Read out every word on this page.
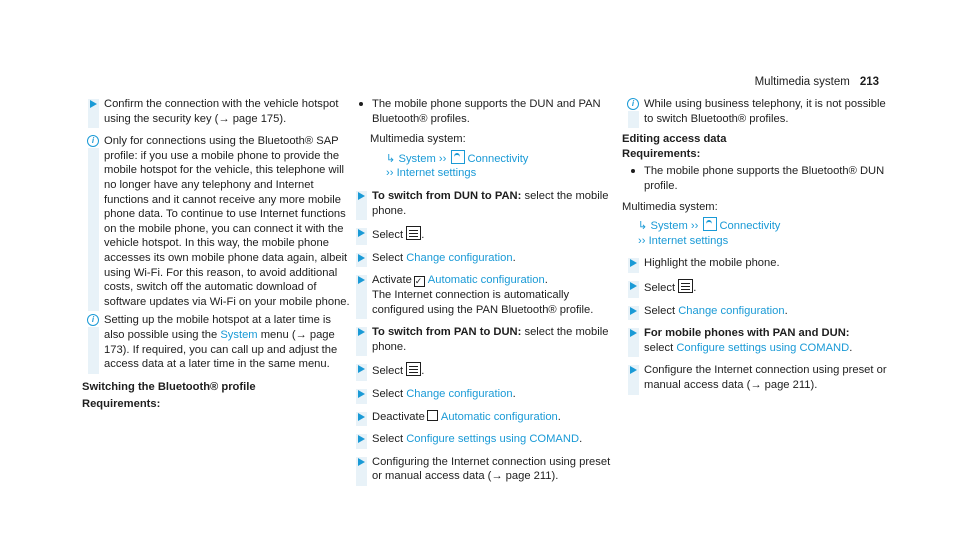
Multimedia system 213
Confirm the connection with the vehicle hotspot using the security key (→ page 175).
i Only for connections using the Bluetooth® SAP profile: if you use a mobile phone to provide the mobile hotspot for the vehicle, this telephone will no longer have any telephony and Internet functions and it cannot receive any more mobile phone data. To continue to use Internet functions on the mobile phone, you can connect it with the vehicle hotspot. In this way, the mobile phone accesses its own mobile phone data again, albeit using Wi-Fi. For this reason, to avoid additional costs, switch off the automatic download of software updates via Wi-Fi on your mobile phone.
i Setting up the mobile hotspot at a later time is also possible using the System menu (→ page 173). If required, you can call up and adjust the access data at a later time in the same menu.
Switching the Bluetooth® profile
Requirements:
The mobile phone supports the DUN and PAN Bluetooth® profiles.
Multimedia system:
↳ System ›› Connectivity
›› Internet settings
To switch from DUN to PAN: select the mobile phone.
Select .
Select Change configuration.
Activate ✓ Automatic configuration.
The Internet connection is automatically configured using the PAN Bluetooth® profile.
To switch from PAN to DUN: select the mobile phone.
Select .
Select Change configuration.
Deactivate Automatic configuration.
Select Configure settings using COMAND.
Configuring the Internet connection using preset or manual access data (→ page 211).
i While using business telephony, it is not possible to switch Bluetooth® profiles.
Editing access data
Requirements:
The mobile phone supports the Bluetooth® DUN profile.
Multimedia system:
↳ System ›› Connectivity
›› Internet settings
Highlight the mobile phone.
Select .
Select Change configuration.
For mobile phones with PAN and DUN:
select Configure settings using COMAND.
Configure the Internet connection using preset or manual access data (→ page 211).
